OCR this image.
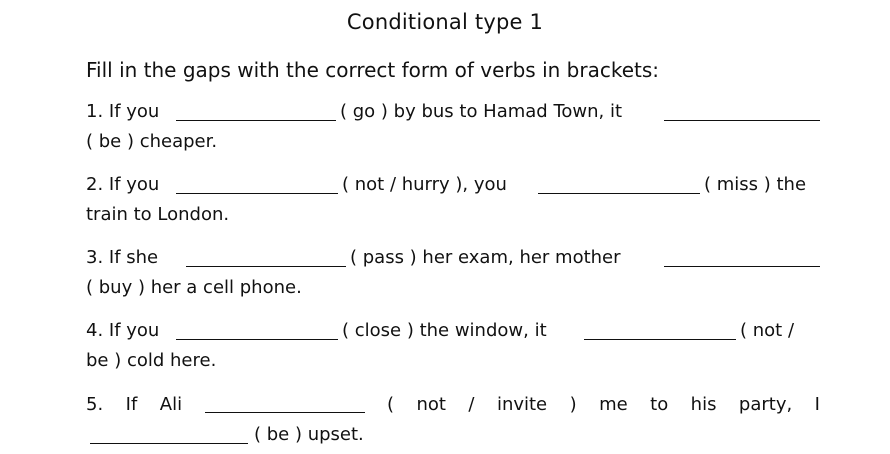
Conditional type 1
Fill in the gaps with the correct form of verbs in brackets:
1. If you	( go ) by bus to Hamad Town, it
( be ) cheaper.
2. If you	( not / hurry ), you	( miss ) the
train to London.
3. If she	( pass ) her exam, her mother
( buy ) her a cell phone.
4. If you	( close ) the window, it	( not /
be ) cold here.
5. If Ali	( not / invite ) me to his party, I
( be ) upset.
